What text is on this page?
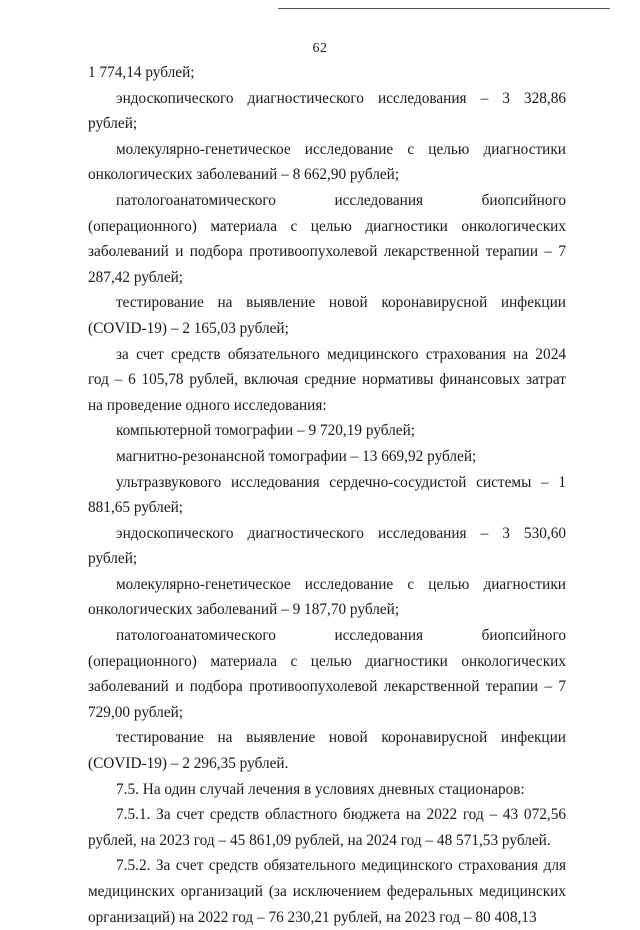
62

1 774,14 рублей;

эндоскопического диагностического исследования – 3 328,86 рублей;

молекулярно-генетическое исследование с целью диагностики онкологических заболеваний – 8 662,90 рублей;

патологоанатомического исследования биопсийного (операционного) материала с целью диагностики онкологических заболеваний и подбора противоопухолевой лекарственной терапии – 7 287,42 рублей;

тестирование на выявление новой коронавирусной инфекции (COVID-19) – 2 165,03 рублей;

за счет средств обязательного медицинского страхования на 2024 год – 6 105,78 рублей, включая средние нормативы финансовых затрат на проведение одного исследования:

компьютерной томографии – 9 720,19 рублей;

магнитно-резонансной томографии – 13 669,92 рублей;

ультразвукового исследования сердечно-сосудистой системы – 1 881,65 рублей;

эндоскопического диагностического исследования – 3 530,60 рублей;

молекулярно-генетическое исследование с целью диагностики онкологических заболеваний – 9 187,70 рублей;

патологоанатомического исследования биопсийного (операционного) материала с целью диагностики онкологических заболеваний и подбора противоопухолевой лекарственной терапии – 7 729,00 рублей;

тестирование на выявление новой коронавирусной инфекции (COVID-19) – 2 296,35 рублей.

7.5. На один случай лечения в условиях дневных стационаров:

7.5.1. За счет средств областного бюджета на 2022 год – 43 072,56 рублей, на 2023 год – 45 861,09 рублей, на 2024 год – 48 571,53 рублей.

7.5.2. За счет средств обязательного медицинского страхования для медицинских организаций (за исключением федеральных медицинских организаций) на 2022 год – 76 230,21 рублей, на 2023 год – 80 408,13
